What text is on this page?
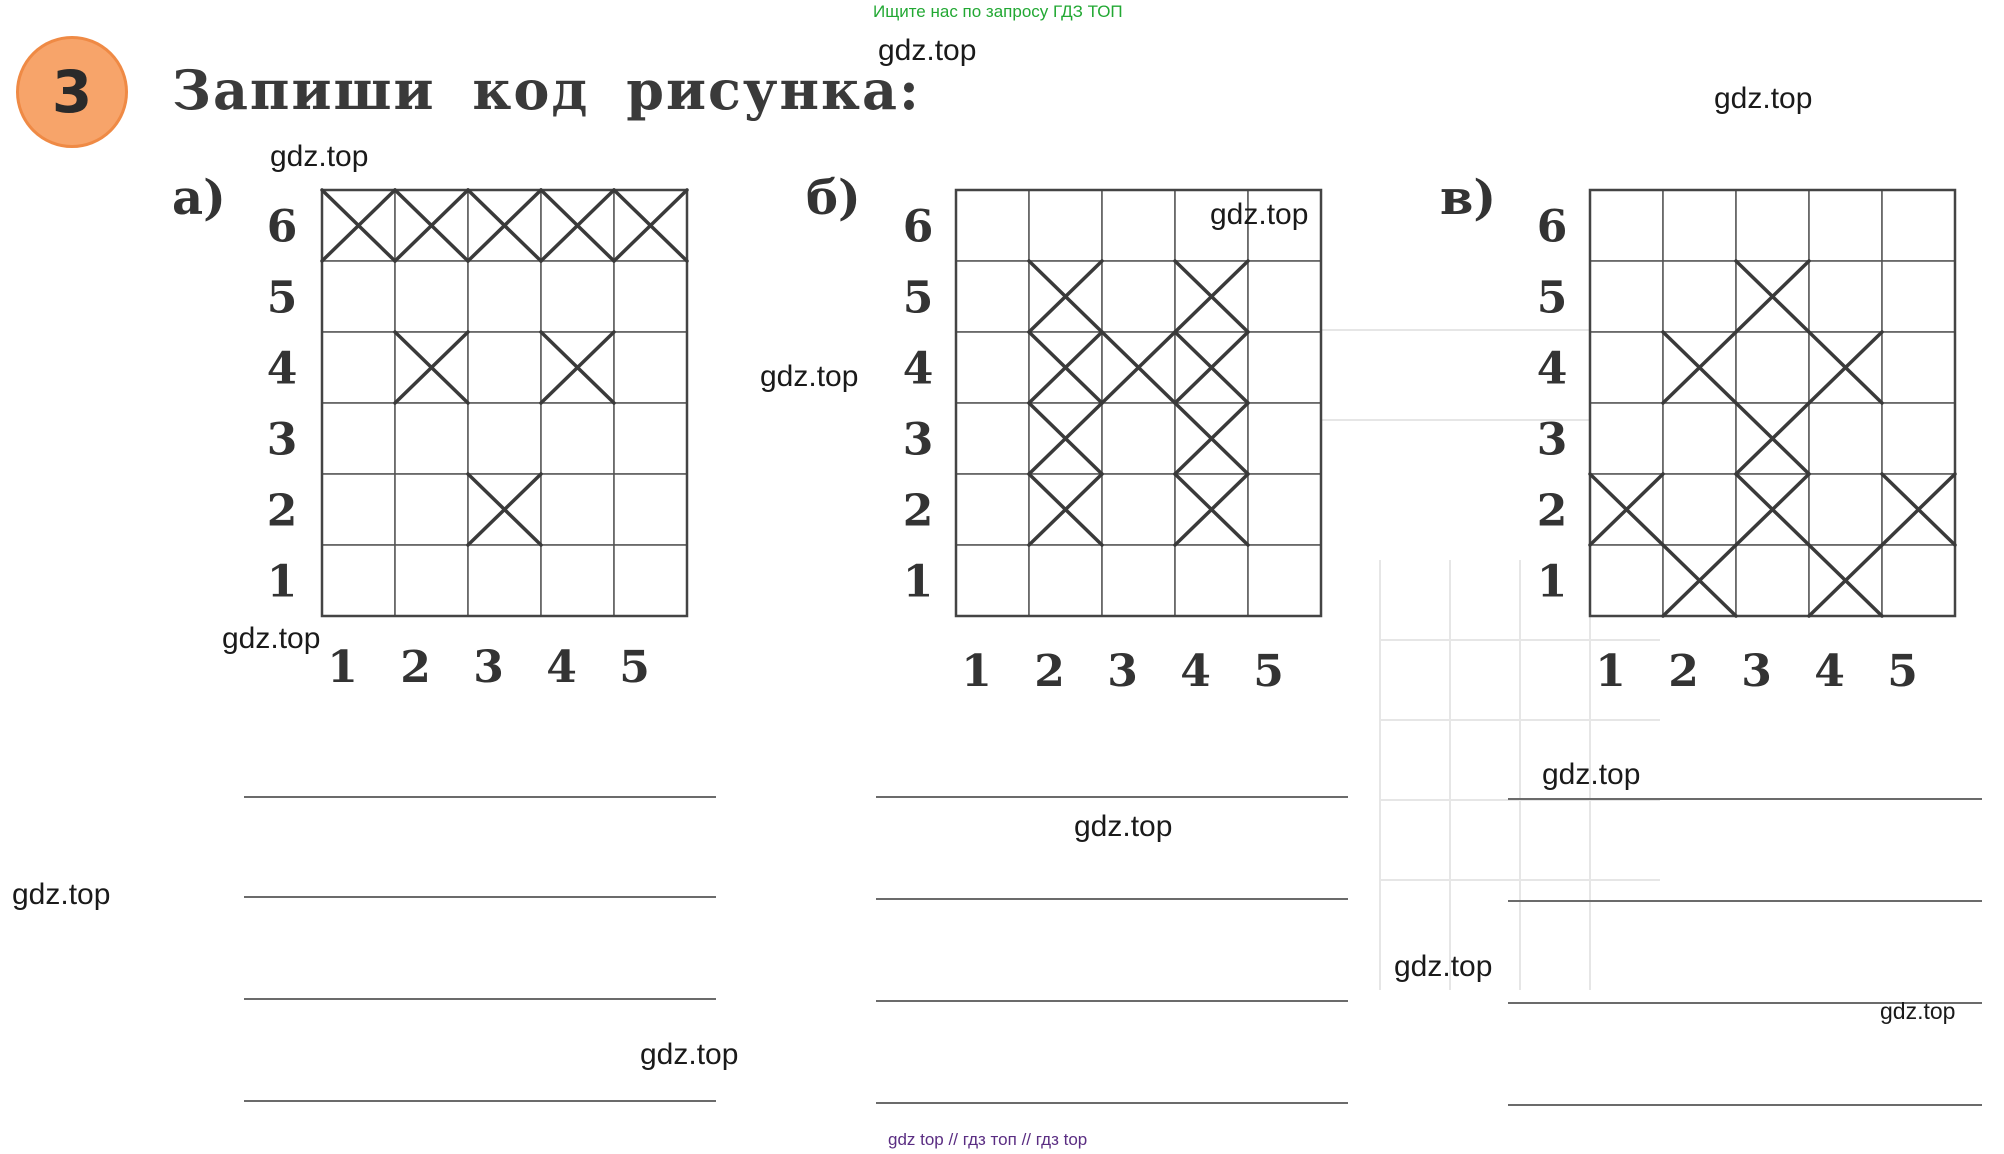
Ищите нас по запросу ГДЗ ТОП
3	Запиши код рисунка:
а)	б)	в)
6
5
4
3
2
1
1 2 3 4 5
6
5
4
3
2
1
1 2 3 4 5
6
5
4
3
2
1
1 2 3 4 5
gdz.top
gdz.top
gdz.top
gdz.top
gdz.top
gdz.top
gdz.top
gdz.top
gdz.top
gdz.top
gdz.top
gdz.top
gdz top // гдз топ // гдз top
